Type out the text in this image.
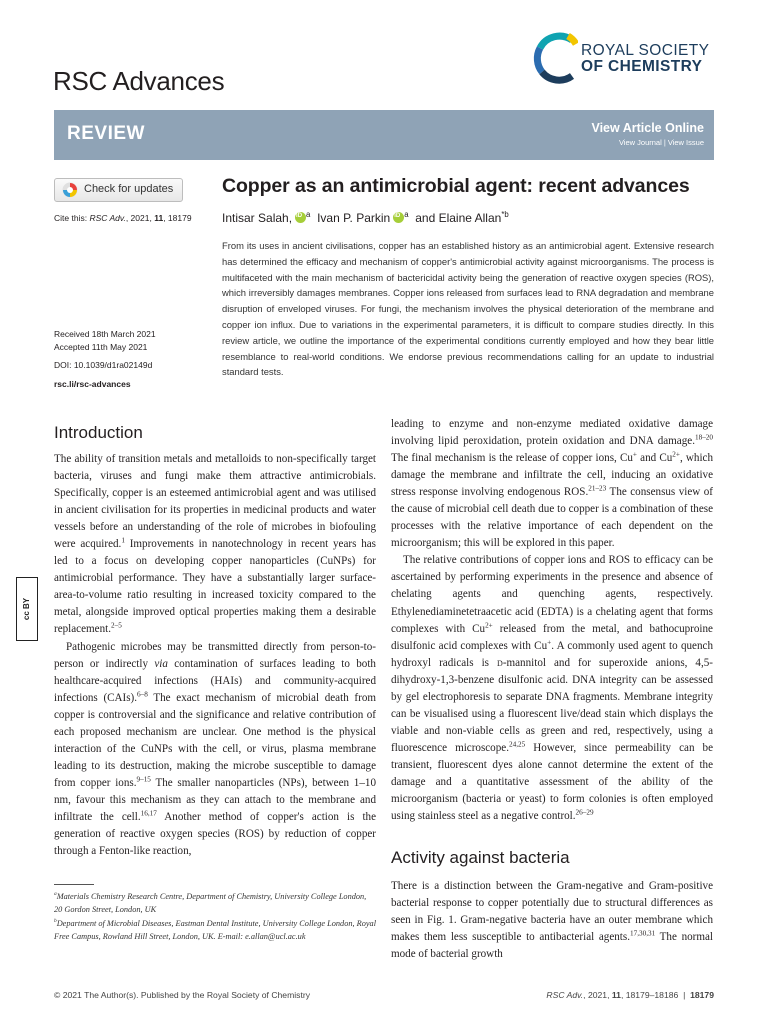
RSC Advances
ROYAL SOCIETY
OF CHEMISTRY
REVIEW	View Article Online
View Journal | View Issue
Check for updates
Cite this: RSC Adv., 2021, 11, 18179
Received 18th March 2021
Accepted 11th May 2021
DOI: 10.1039/d1ra02149d
rsc.li/rsc-advances
Copper as an antimicrobial agent: recent advances
Intisar Salah, iD $^a$ Ivan P. Parkin iD $^a$ and Elaine Allan$^{*b}$
From its uses in ancient civilisations, copper has an established history as an antimicrobial agent. Extensive research has determined the efficacy and mechanism of copper's antimicrobial activity against microorganisms. The process is multifaceted with the main mechanism of bactericidal activity being the generation of reactive oxygen species (ROS), which irreversibly damages membranes. Copper ions released from surfaces lead to RNA degradation and membrane disruption of enveloped viruses. For fungi, the mechanism involves the physical deterioration of the membrane and copper ion influx. Due to variations in the experimental parameters, it is difficult to compare studies directly. In this review article, we outline the importance of the experimental conditions currently employed and how they bear little resemblance to real-world conditions. We endorse previous recommendations calling for an update to industrial standard tests.
cc BY
Introduction

The ability of transition metals and metalloids to non-specifically target bacteria, viruses and fungi make them attractive antimicrobials. Specifically, copper is an esteemed antimicrobial agent and was utilised in ancient civilisation for its properties in medicinal products and water vessels before an understanding of the role of microbes in biofouling were acquired.$^1$ Improvements in nanotechnology in recent years has led to a focus on developing copper nanoparticles (CuNPs) for antimicrobial performance. They have a substantially larger surface-area-to-volume ratio resulting in increased toxicity compared to the metal, alongside improved optical properties making them a desirable replacement.$^{2-5}$

Pathogenic microbes may be transmitted directly from person-to-person or indirectly via contamination of surfaces leading to both healthcare-acquired infections (HAIs) and community-acquired infections (CAIs).$^{6-8}$ The exact mechanism of microbial death from copper is controversial and the significance and relative contribution of each proposed mechanism are unclear. One method is the physical interaction of the CuNPs with the cell, or virus, plasma membrane leading to its destruction, making the microbe susceptible to damage from copper ions.$^{9-15}$ The smaller nanoparticles (NPs), between 1–10 nm, favour this mechanism as they can attach to the membrane and infiltrate the cell.$^{16,17}$ Another method of copper's action is the generation of reactive oxygen species (ROS) by reduction of copper through a Fenton-like reaction,

leading to enzyme and non-enzyme mediated oxidative damage involving lipid peroxidation, protein oxidation and DNA damage.$^{18-20}$ The final mechanism is the release of copper ions, Cu+ and $Cu^{2+}$, which damage the membrane and infiltrate the cell, inducing an oxidative stress response involving endogenous ROS.$^{21-23}$ The consensus view of the cause of microbial cell death due to copper is a combination of these processes with the relative importance of each dependent on the microorganism; this will be explored in this paper.

The relative contributions of copper ions and ROS to efficacy can be ascertained by performing experiments in the presence and absence of chelating agents and quenching agents, respectively. Ethylenediaminetetraacetic acid (EDTA) is a chelating agent that forms complexes with $Cu^{2+}$ released from the metal, and bathocuproine disulfonic acid complexes with Cu+. A commonly used agent to quench hydroxyl radicals is d-mannitol and for superoxide anions, 4,5-dihydroxy-1,3-benzene disulfonic acid. DNA integrity can be assessed by gel electrophoresis to separate DNA fragments. Membrane integrity can be visualised using a fluorescent live/dead stain which displays the viable and non-viable cells as green and red, respectively, using a fluorescence microscope.$^{24,25}$ However, since permeability can be transient, fluorescent dyes alone cannot determine the extent of the damage and a quantitative assessment of the ability of the microorganism (bacteria or yeast) to form colonies is often employed using stainless steel as a negative control.$^{26-29}$

Activity against bacteria

There is a distinction between the Gram-negative and Gram-positive bacterial response to copper potentially due to structural differences as seen in Fig. 1. Gram-negative bacteria have an outer membrane which makes them less susceptible to antibacterial agents.$^{17,30,31}$ The normal mode of bacterial growth

$^a$Materials Chemistry Research Centre, Department of Chemistry, University College London, 20 Gordon Street, London, UK
$^b$Department of Microbial Diseases, Eastman Dental Institute, University College London, Royal Free Campus, Rowland Hill Street, London, UK. E-mail: e.allan@ucl.ac.uk
© 2021 The Author(s). Published by the Royal Society of Chemistry	RSC Adv., 2021, 11, 18179–18186 | 18179
